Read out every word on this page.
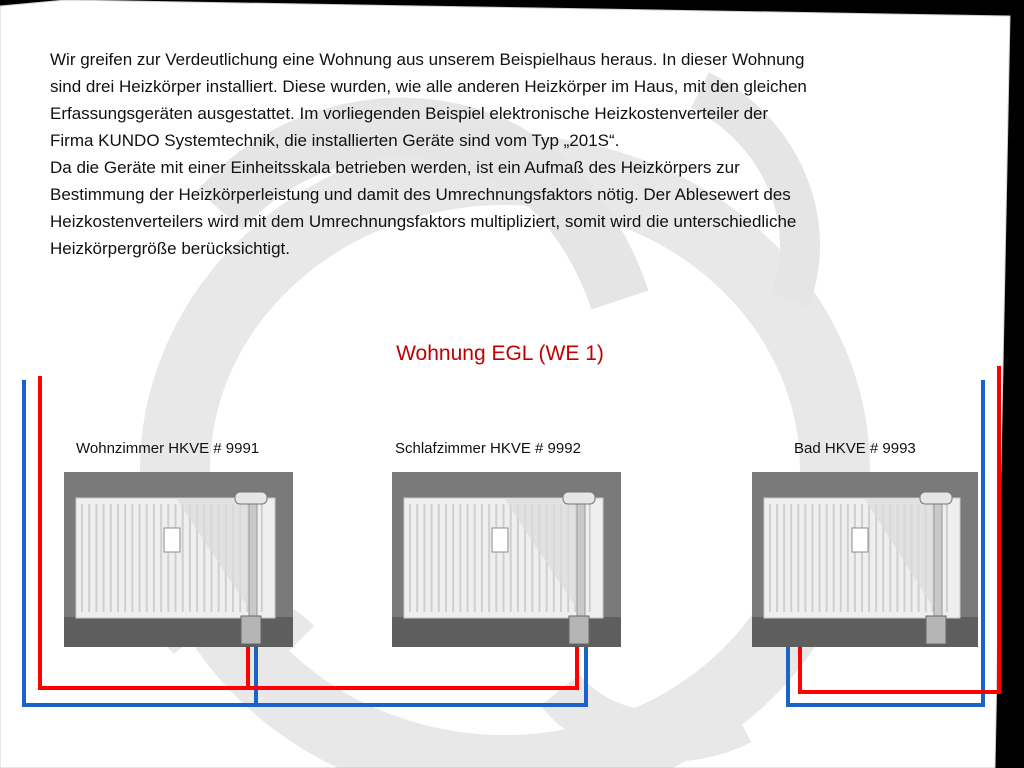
Wir greifen zur Verdeutlichung eine Wohnung aus unserem Beispielhaus heraus. In dieser Wohnung

sind drei Heizkörper installiert. Diese wurden, wie alle anderen Heizkörper im Haus, mit den gleichen

Erfassungsgeräten ausgestattet. Im vorliegenden Beispiel elektronische Heizkostenverteiler der

Firma KUNDO Systemtechnik, die installierten Geräte sind vom Typ „201S“.

Da die Geräte mit einer Einheitsskala betrieben werden, ist ein Aufmaß des Heizkörpers zur

Bestimmung der Heizkörperleistung und damit des Umrechnungsfaktors nötig. Der Ablesewert des

Heizkostenverteilers wird mit dem Umrechnungsfaktors multipliziert, somit wird die unterschiedliche

Heizkörpergröße berücksichtigt.

Wohnung EGL (WE 1)
Wohnzimmer HKVE # 9991	Schlafzimmer HKVE # 9992	Bad HKVE # 9993
